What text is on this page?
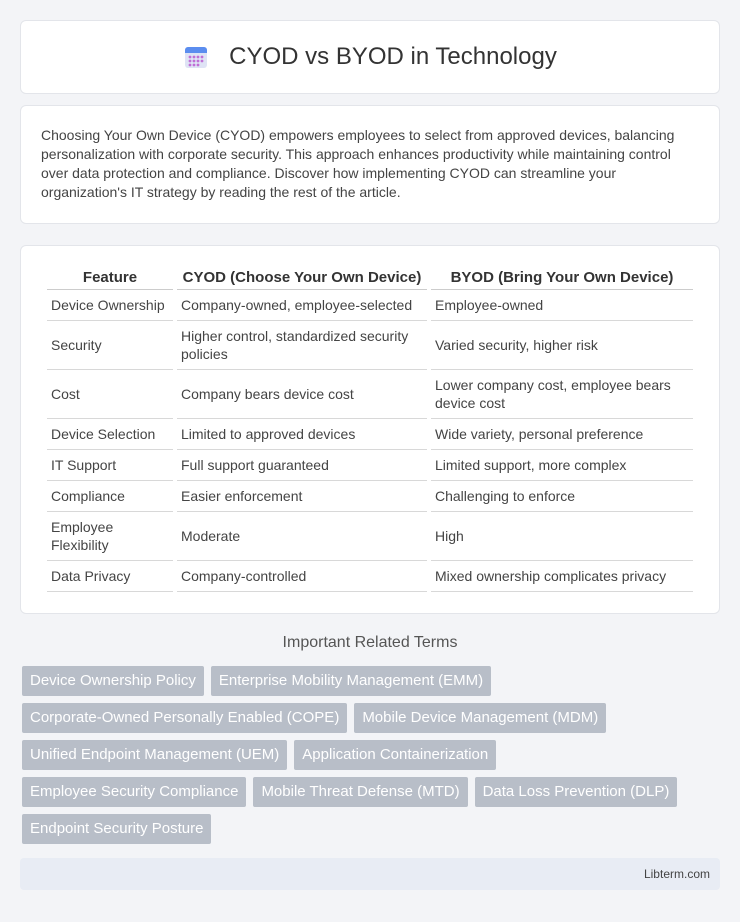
CYOD vs BYOD in Technology

Choosing Your Own Device (CYOD) empowers employees to select from approved devices, balancing personalization with corporate security. This approach enhances productivity while maintaining control over data protection and compliance. Discover how implementing CYOD can streamline your organization's IT strategy by reading the rest of the article.

Feature	CYOD (Choose Your Own Device)	BYOD (Bring Your Own Device)
Device Ownership	Company-owned, employee-selected	Employee-owned
Security	Higher control, standardized security policies	Varied security, higher risk
Cost	Company bears device cost	Lower company cost, employee bears device cost
Device Selection	Limited to approved devices	Wide variety, personal preference
IT Support	Full support guaranteed	Limited support, more complex
Compliance	Easier enforcement	Challenging to enforce
Employee Flexibility	Moderate	High
Data Privacy	Company-controlled	Mixed ownership complicates privacy
Important Related Terms
Device Ownership Policy	Enterprise Mobility Management (EMM)
Corporate-Owned Personally Enabled (COPE)	Mobile Device Management (MDM)
Unified Endpoint Management (UEM)	Application Containerization
Employee Security Compliance	Mobile Threat Defense (MTD)	Data Loss Prevention (DLP)
Endpoint Security Posture
Libterm.com
